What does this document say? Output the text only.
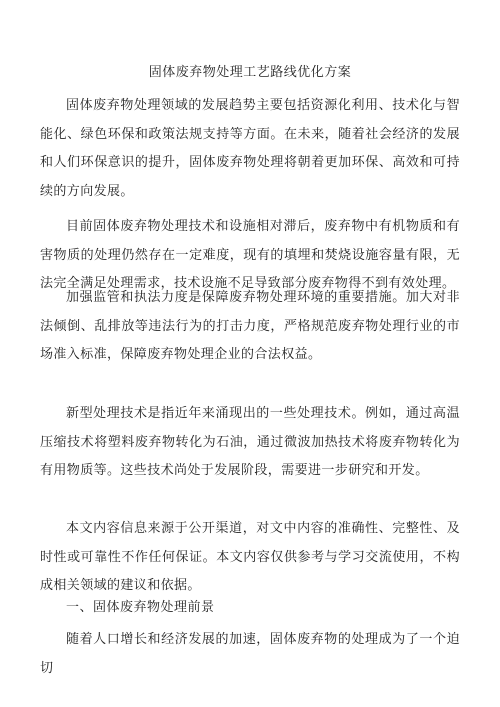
固体废弃物处理工艺路线优化方案

固体废弃物处理领域的发展趋势主要包括资源化利用、技术化与智能化、绿色环保和政策法规支持等方面。在未来，随着社会经济的发展和人们环保意识的提升，固体废弃物处理将朝着更加环保、高效和可持续的方向发展。

目前固体废弃物处理技术和设施相对滞后，废弃物中有机物质和有害物质的处理仍然存在一定难度，现有的填埋和焚烧设施容量有限，无法完全满足处理需求，技术设施不足导致部分废弃物得不到有效处理。

加强监管和执法力度是保障废弃物处理环境的重要措施。加大对非法倾倒、乱排放等违法行为的打击力度，严格规范废弃物处理行业的市场准入标准，保障废弃物处理企业的合法权益。

新型处理技术是指近年来涌现出的一些处理技术。例如，通过高温压缩技术将塑料废弃物转化为石油，通过微波加热技术将废弃物转化为有用物质等。这些技术尚处于发展阶段，需要进一步研究和开发。

本文内容信息来源于公开渠道，对文中内容的准确性、完整性、及时性或可靠性不作任何保证。本文内容仅供参考与学习交流使用，不构成相关领域的建议和依据。

一、固体废弃物处理前景

随着人口增长和经济发展的加速，固体废弃物的处理成为了一个迫切
